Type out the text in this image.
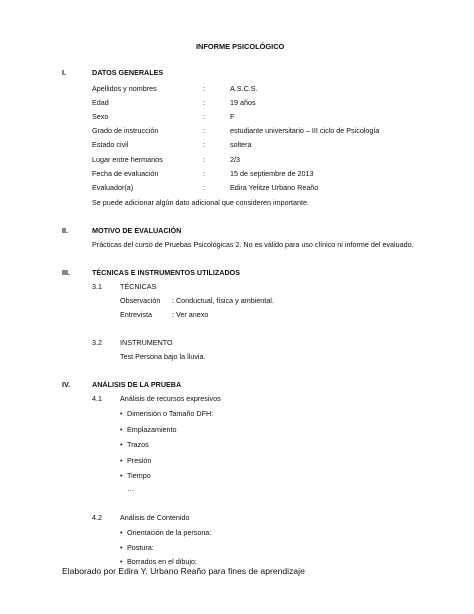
INFORME PSICOLÓGICO
I.	DATOS GENERALES
Apellidos y nombres	:	A.S.C.S.
Edad	:	19 años
Sexo	:	F
Grado de instrucción	:	estudiante universitario – III ciclo de Psicología
Estado civil	:	soltera
Lugar entre hermanos	:	2/3
Fecha de evaluación	:	15 de septiembre de 2013
Evaluador(a)	:	Edira Yelitze Urbano Reaño
Se puede adicionar algún dato adicional que consideren importante.
II.	MOTIVO DE EVALUACIÓN
Prácticas del curso de Pruebas Psicológicas 2. No es válido para uso clínico ni informe del evaluado.
III.	TÉCNICAS E INSTRUMENTOS UTILIZADOS
3.1	TÉCNICAS
Observación : Conductual, física y ambiental.
Entrevista	: Ver anexo
3.2	INSTRUMENTO
Test Persona bajo la lluvia.
IV.	ANÁLISIS DE LA PRUEBA
4.1	Análisis de recursos expresivos
• Dimensión o Tamaño DFH:
• Emplazamiento
• Trazos
• Presión
• Tiempo
…
4.2	Análisis de Contenido
• Orientación de la persona:
• Postura:
• Borrados en el dibujo:
Elaborado por Edira Y. Urbano Reaño para fines de aprendizaje
